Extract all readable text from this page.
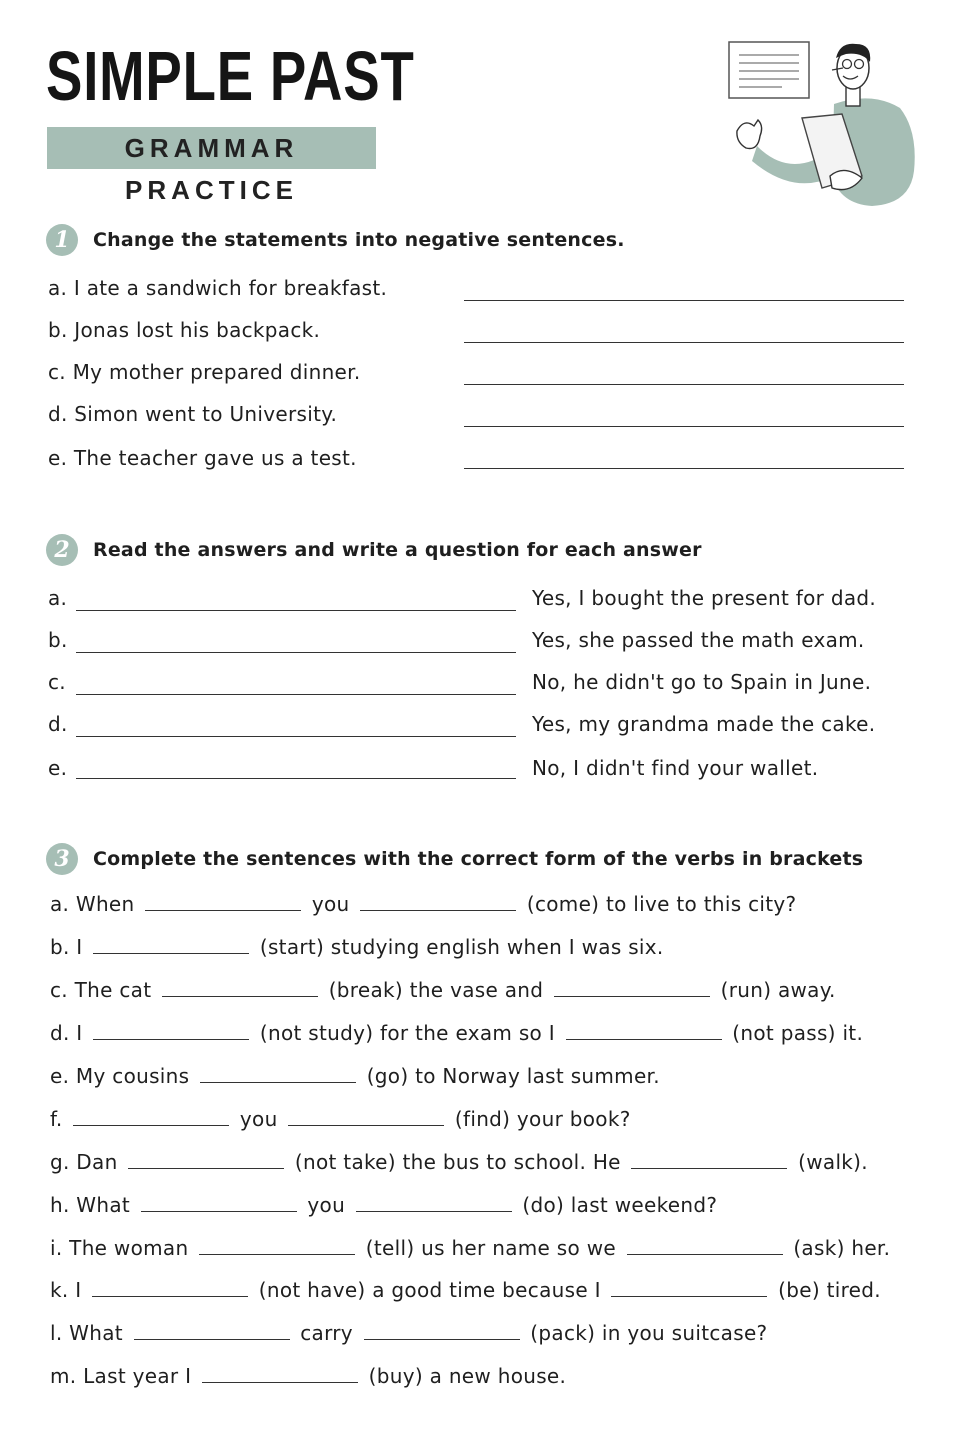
SIMPLE PAST
GRAMMAR PRACTICE
1	Change the statements into negative sentences.
a. I ate a sandwich for breakfast.
b. Jonas lost his backpack.
c. My mother prepared dinner.
d. Simon went to University.
e. The teacher gave us a test.
2	Read the answers and write a question for each answer
a.	Yes, I bought the present for dad.
b.	Yes, she passed the math exam.
c.	No, he didn't go to Spain in June.
d.	Yes, my grandma made the cake.
e.	No, I didn't find your wallet.
3	Complete the sentences with the correct form of the verbs in brackets
a. When	you	(come) to live to this city?
b. I	(start) studying english when I was six.
c. The cat	(break) the vase and	(run) away.
d. I	(not study) for the exam so I	(not pass) it.
e. My cousins	(go) to Norway last summer.
f.	you	(find) your book?
g. Dan	(not take) the bus to school. He	(walk).
h. What	you	(do) last weekend?
i. The woman	(tell) us her name so we	(ask) her.
k. I	(not have) a good time because I	(be) tired.
l. What	carry	(pack) in you suitcase?
m. Last year I	(buy) a new house.
